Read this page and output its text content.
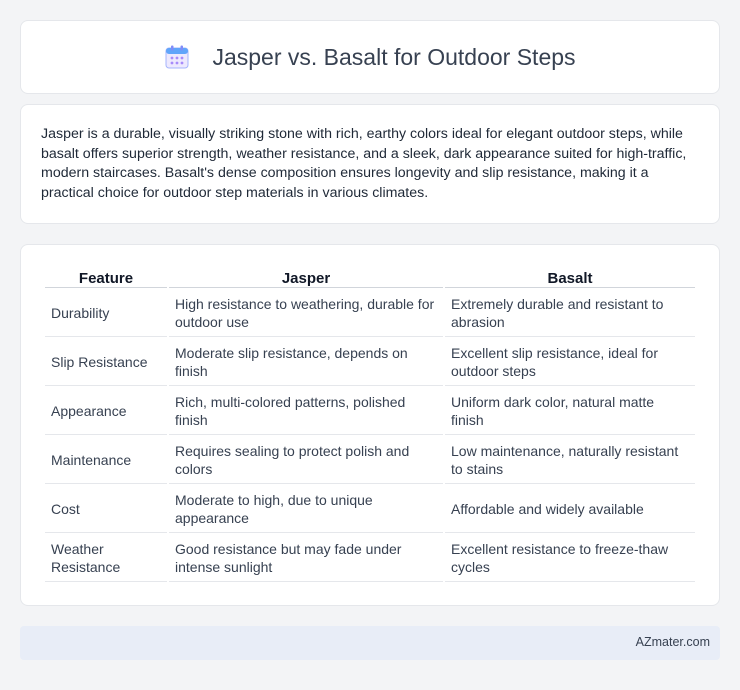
Jasper vs. Basalt for Outdoor Steps

Jasper is a durable, visually striking stone with rich, earthy colors ideal for elegant outdoor steps, while basalt offers superior strength, weather resistance, and a sleek, dark appearance suited for high-traffic, modern staircases. Basalt's dense composition ensures longevity and slip resistance, making it a practical choice for outdoor step materials in various climates.

Feature	Jasper	Basalt
Durability	High resistance to weathering, durable for outdoor use	Extremely durable and resistant to abrasion
Slip Resistance	Moderate slip resistance, depends on finish	Excellent slip resistance, ideal for outdoor steps
Appearance	Rich, multi-colored patterns, polished finish	Uniform dark color, natural matte finish
Maintenance	Requires sealing to protect polish and colors	Low maintenance, naturally resistant to stains
Cost	Moderate to high, due to unique appearance	Affordable and widely available
Weather Resistance	Good resistance but may fade under intense sunlight	Excellent resistance to freeze-thaw cycles
AZmater.com
